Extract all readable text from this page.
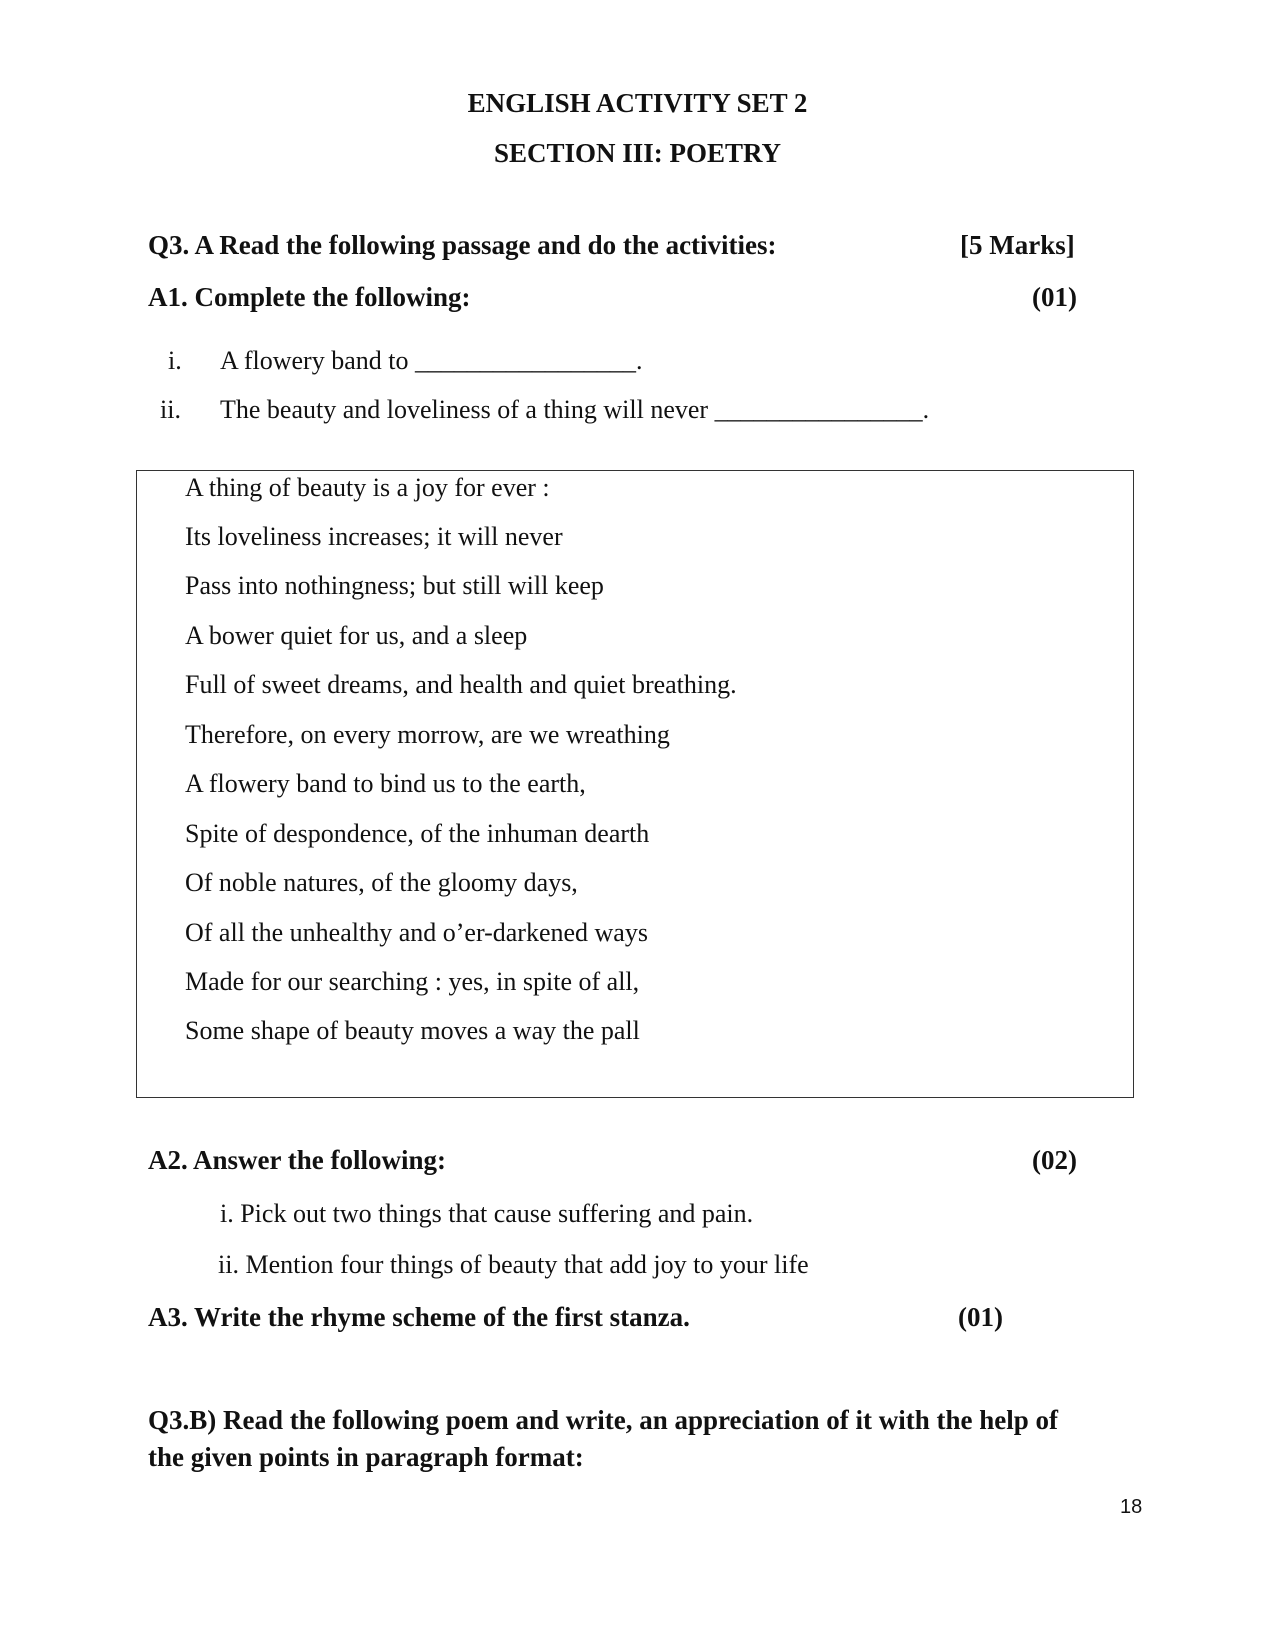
ENGLISH ACTIVITY SET 2
SECTION III: POETRY
Q3. A Read the following passage and do the activities:	[5 Marks]
A1. Complete the following:	(01)
i. A flowery band to _________________.
ii. The beauty and loveliness of a thing will never ________________.
A thing of beauty is a joy for ever :
Its loveliness increases; it will never
Pass into nothingness; but still will keep
A bower quiet for us, and a sleep
Full of sweet dreams, and health and quiet breathing.
Therefore, on every morrow, are we wreathing
A flowery band to bind us to the earth,
Spite of despondence, of the inhuman dearth
Of noble natures, of the gloomy days,
Of all the unhealthy and o’er-darkened ways
Made for our searching : yes, in spite of all,
Some shape of beauty moves a way the pall
A2. Answer the following:	(02)
i. Pick out two things that cause suffering and pain.
ii. Mention four things of beauty that add joy to your life
A3. Write the rhyme scheme of the first stanza.	(01)
Q3.B) Read the following poem and write, an appreciation of it with the help of
the given points in paragraph format:
18
